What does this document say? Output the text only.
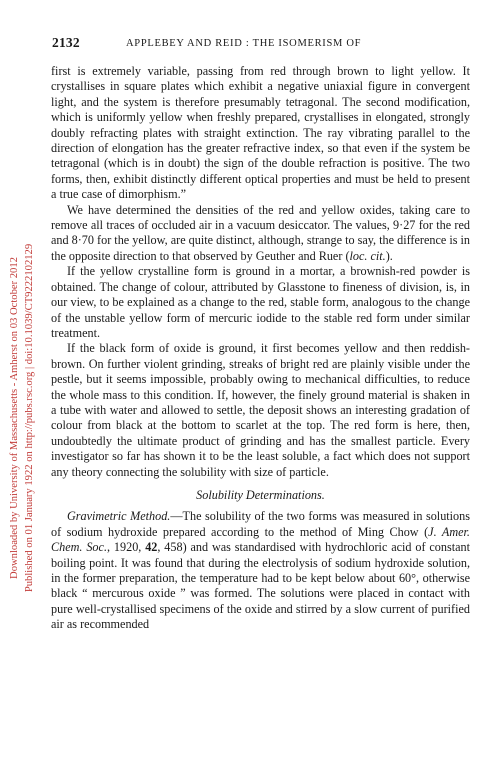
2132	APPLEBEY AND REID : THE ISOMERISM OF
Downloaded by University of Massachusetts - Amherst on 03 October 2012 Published on 01 January 1922 on http://pubs.rsc.org | doi:10.1039/CT9222102129

first is extremely variable, passing from red through brown to light yellow. It crystallises in square plates which exhibit a negative uniaxial figure in convergent light, and the system is therefore presumably tetragonal. The second modification, which is uniformly yellow when freshly prepared, crystallises in elongated, strongly doubly refracting plates with straight extinction. The ray vibrating parallel to the direction of elongation has the greater refractive index, so that even if the system be tetragonal (which is in doubt) the sign of the double refraction is positive. The two forms, then, exhibit distinctly different optical properties and must be held to present a true case of dimorphism.”

We have determined the densities of the red and yellow oxides, taking care to remove all traces of occluded air in a vacuum desiccator. The values, 9·27 for the red and 8·70 for the yellow, are quite distinct, although, strange to say, the difference is in the opposite direction to that observed by Geuther and Ruer (loc. cit.).

If the yellow crystalline form is ground in a mortar, a brownish-red powder is obtained. The change of colour, attributed by Glasstone to fineness of division, is, in our view, to be explained as a change to the red, stable form, analogous to the change of the unstable yellow form of mercuric iodide to the stable red form under similar treatment.

If the black form of oxide is ground, it first becomes yellow and then reddish-brown. On further violent grinding, streaks of bright red are plainly visible under the pestle, but it seems impossible, probably owing to mechanical difficulties, to reduce the whole mass to this condition. If, however, the finely ground material is shaken in a tube with water and allowed to settle, the deposit shows an interesting gradation of colour from black at the bottom to scarlet at the top. The red form is here, then, undoubtedly the ultimate product of grinding and has the smallest particle. Every investigator so far has shown it to be the least soluble, a fact which does not support any theory connecting the solubility with size of particle.

Solubility Determinations.

Gravimetric Method.—The solubility of the two forms was measured in solutions of sodium hydroxide prepared according to the method of Ming Chow (J. Amer. Chem. Soc., 1920, 42, 458) and was standardised with hydrochloric acid of constant boiling point. It was found that during the electrolysis of sodium hydroxide solution, in the former preparation, the temperature had to be kept below about 60°, otherwise black “ mercurous oxide ” was formed. The solutions were placed in contact with pure well-crystallised specimens of the oxide and stirred by a slow current of purified air as recommended
